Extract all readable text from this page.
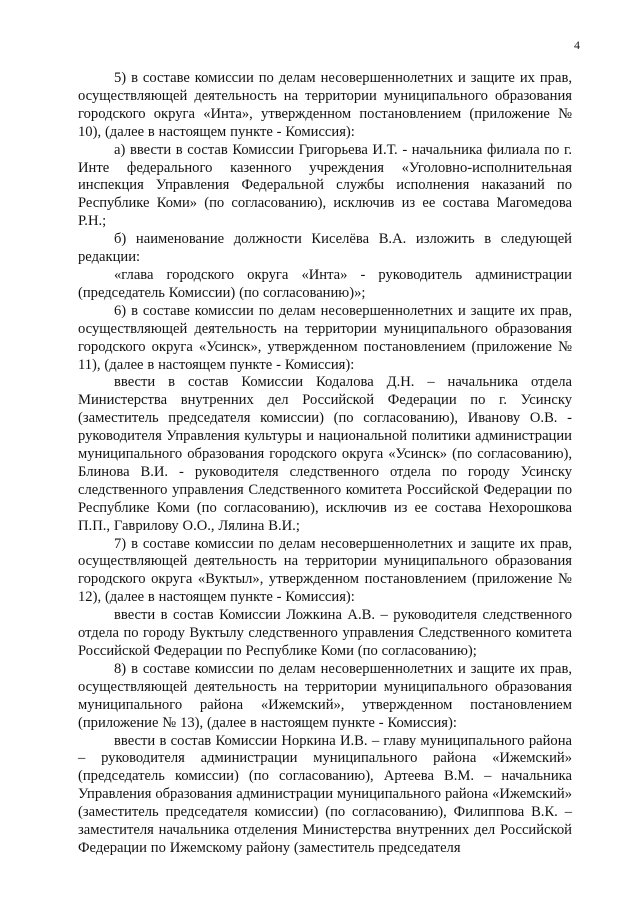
4

5) в составе комиссии по делам несовершеннолетних и защите их прав, осуществляющей деятельность на территории муниципального образования городского округа «Инта», утвержденном постановлением (приложение № 10), (далее в настоящем пункте - Комиссия):

а) ввести в состав Комиссии Григорьева И.Т. - начальника филиала по г. Инте федерального казенного учреждения «Уголовно-исполнительная инспекция Управления Федеральной службы исполнения наказаний по Республике Коми» (по согласованию), исключив из ее состава Магомедова Р.Н.;

б) наименование должности Киселёва В.А. изложить в следующей редакции:

«глава городского округа «Инта» - руководитель администрации (председатель Комиссии) (по согласованию)»;

6) в составе комиссии по делам несовершеннолетних и защите их прав, осуществляющей деятельность на территории муниципального образования городского округа «Усинск», утвержденном постановлением (приложение № 11), (далее в настоящем пункте - Комиссия):

ввести в состав Комиссии Кодалова Д.Н. – начальника отдела Министерства внутренних дел Российской Федерации по г. Усинску (заместитель председателя комиссии) (по согласованию), Иванову О.В. - руководителя Управления культуры и национальной политики администрации муниципального образования городского округа «Усинск» (по согласованию), Блинова В.И. - руководителя следственного отдела по городу Усинску следственного управления Следственного комитета Российской Федерации по Республике Коми (по согласованию), исключив из ее состава Нехорошкова П.П., Гаврилову О.О., Лялина В.И.;

7) в составе комиссии по делам несовершеннолетних и защите их прав, осуществляющей деятельность на территории муниципального образования городского округа «Вуктыл», утвержденном постановлением (приложение № 12), (далее в настоящем пункте - Комиссия):

ввести в состав Комиссии Ложкина А.В. – руководителя следственного отдела по городу Вуктылу следственного управления Следственного комитета Российской Федерации по Республике Коми (по согласованию);

8) в составе комиссии по делам несовершеннолетних и защите их прав, осуществляющей деятельность на территории муниципального образования муниципального района «Ижемский», утвержденном постановлением (приложение № 13), (далее в настоящем пункте - Комиссия):

ввести в состав Комиссии Норкина И.В. – главу муниципального района – руководителя администрации муниципального района «Ижемский» (председатель комиссии) (по согласованию), Артеева В.М. – начальника Управления образования администрации муниципального района «Ижемский» (заместитель председателя комиссии) (по согласованию), Филиппова В.К. – заместителя начальника отделения Министерства внутренних дел Российской Федерации по Ижемскому району (заместитель председателя
